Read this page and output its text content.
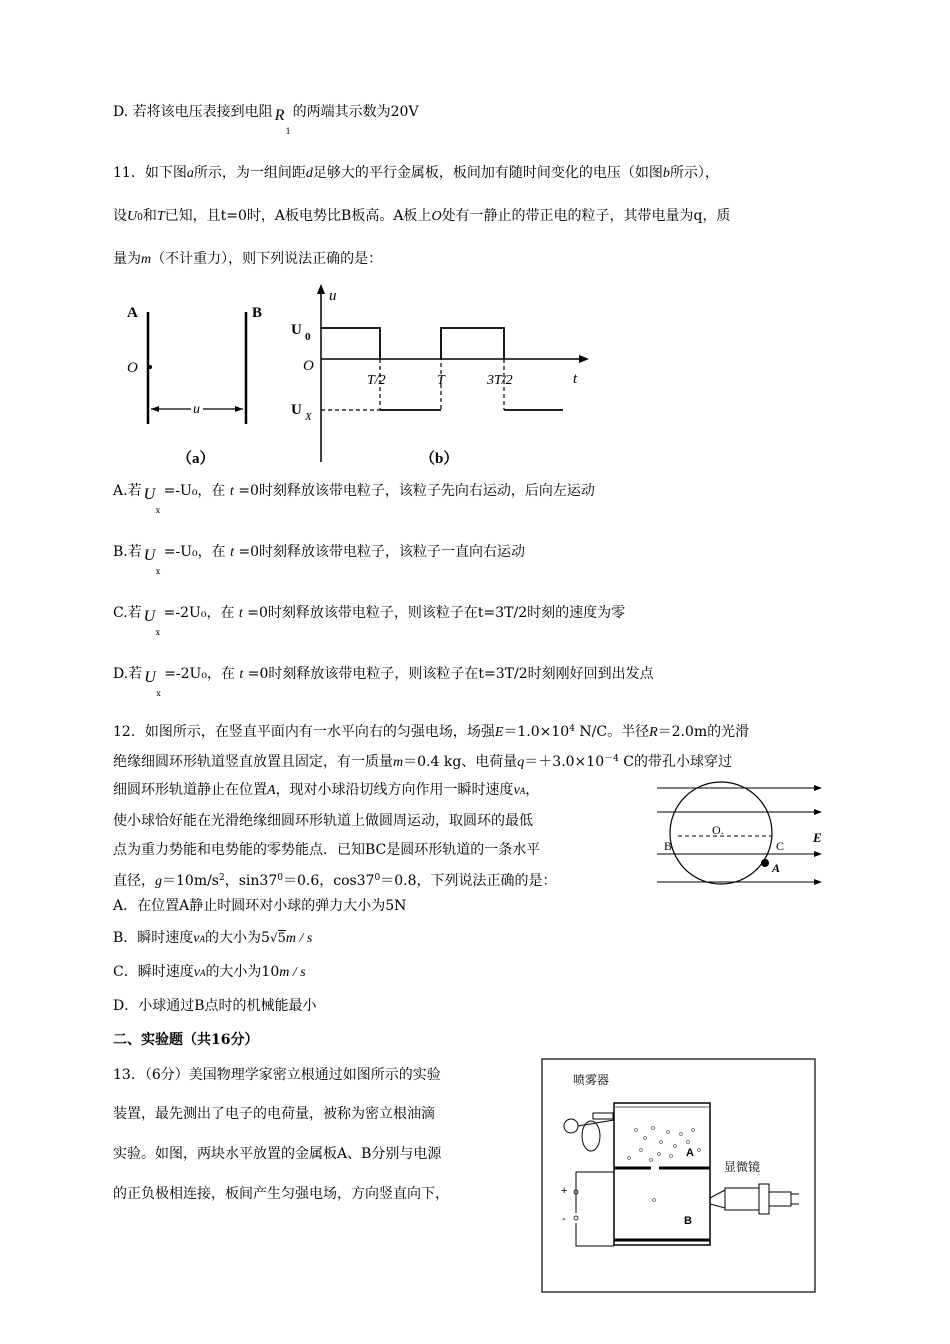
D. 若将该电压表接到电阻 R
1
的两端其示数为20V
11．如下图a所示，为一组间距d足够大的平行金属板，板间加有随时间变化的电压（如图b所示），
设U0和T已知，且t=0时，A板电势比B板高。A板上O处有一静止的带正电的粒子，其带电量为q，质
量为m（不计重力），则下列说法正确的是：
A	B
O
u
（a）
u
t
O
U 0
U X
T/2	T	3T/2
（b）
A.若 U
x
=-U₀，在 t =0时刻释放该带电粒子，该粒子先向右运动，后向左运动
B.若 U
x
=-U₀，在 t =0时刻释放该带电粒子，该粒子一直向右运动
C.若 U
x
=-2U₀，在 t =0时刻释放该带电粒子，则该粒子在t=3T/2时刻的速度为零
D.若 U
x
=-2U₀，在 t =0时刻释放该带电粒子，则该粒子在t=3T/2时刻刚好回到出发点
12．如图所示，在竖直平面内有一水平向右的匀强电场，场强$E=1.0\times 10^4$ N/C。半径R＝2.0m的光滑
绝缘细圆环形轨道竖直放置且固定，有一质量m＝0.4 kg、电荷量$q=+3.0\times 10^{-4}$ C的带孔小球穿过
细圆环形轨道静止在位置A，现对小球沿切线方向作用一瞬时速度vA，
使小球恰好能在光滑绝缘细圆环形轨道上做圆周运动，取圆环的最低
点为重力势能和电势能的零势能点．已知BC是圆环形轨道的一条水平
直径，$g=10m/s^2$，$\sin 37^0=0.6$，$\cos 37^0=0.8$，下列说法正确的是：
A．在位置A静止时圆环对小球的弹力大小为5N
B．瞬时速度vA的大小为5√5m / s
C．瞬时速度vA的大小为10m / s
D．小球通过B点时的机械能最小
O.
B	C
E
A
二、实验题（共16分）
13．（6分）美国物理学家密立根通过如图所示的实验
装置，最先测出了电子的电荷量，被称为密立根油滴
实验。如图，两块水平放置的金属板A、B分别与电源
的正负极相连接，板间产生匀强电场，方向竖直向下，
喷雾器
显微镜
A
B
+
-
